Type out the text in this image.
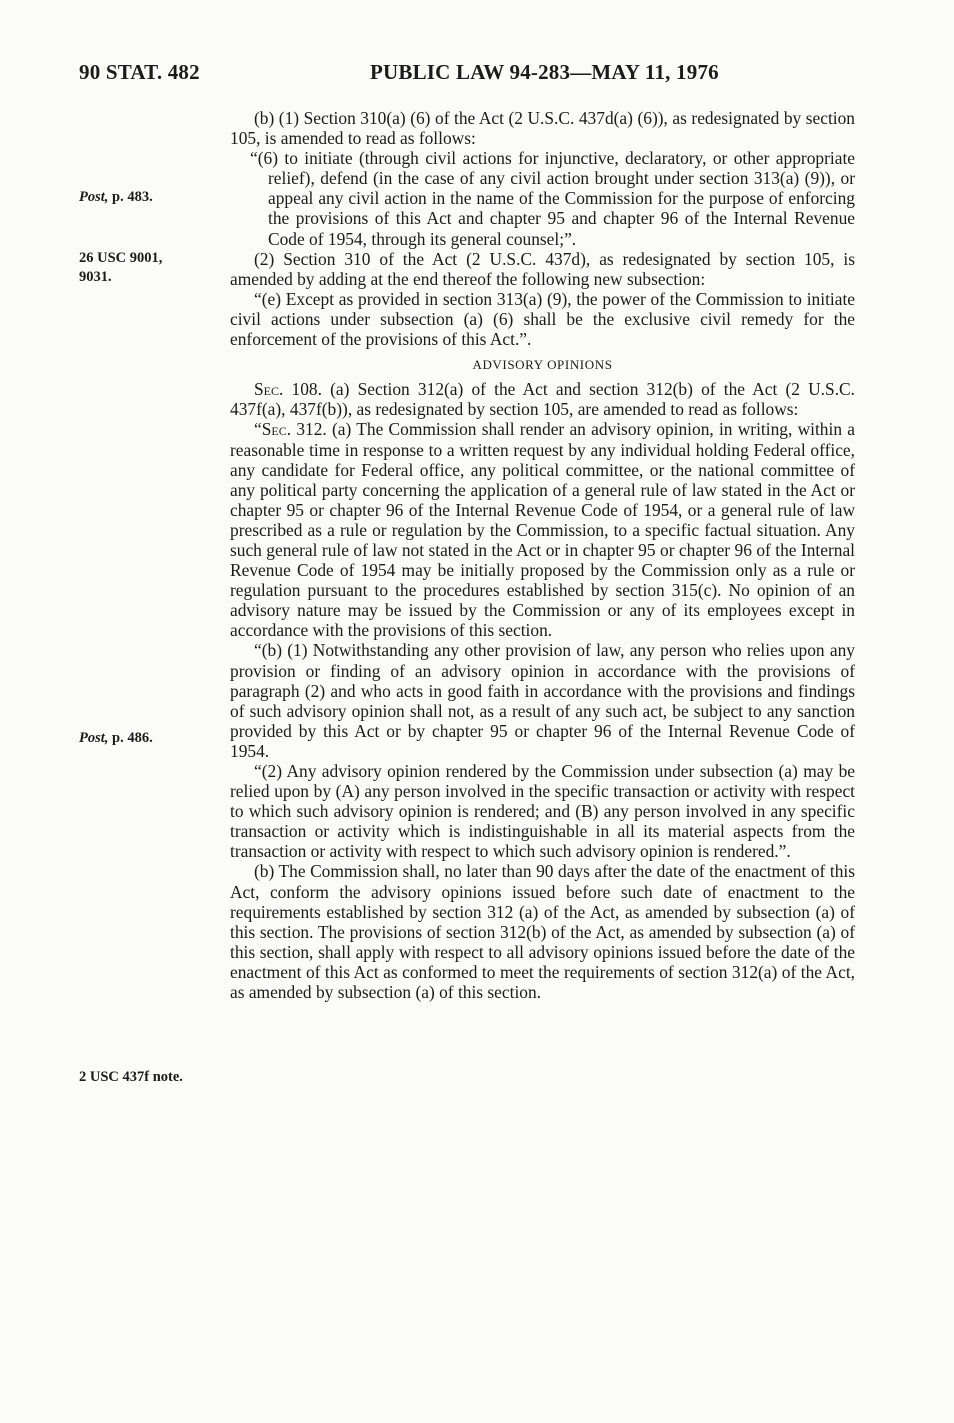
90 STAT. 482	PUBLIC LAW 94-283—MAY 11, 1976
Post, p. 483.
26 USC 9001,
9031.
Post, p. 486.
2 USC 437f note.

(b) (1) Section 310(a) (6) of the Act (2 U.S.C. 437d(a) (6)), as redesignated by section 105, is amended to read as follows:

“(6) to initiate (through civil actions for injunctive, declaratory, or other appropriate relief), defend (in the case of any civil action brought under section 313(a) (9)), or appeal any civil action in the name of the Commission for the purpose of enforcing the provisions of this Act and chapter 95 and chapter 96 of the Internal Revenue Code of 1954, through its general counsel;”.

(2) Section 310 of the Act (2 U.S.C. 437d), as redesignated by section 105, is amended by adding at the end thereof the following new subsection:

“(e) Except as provided in section 313(a) (9), the power of the Commission to initiate civil actions under subsection (a) (6) shall be the exclusive civil remedy for the enforcement of the provisions of this Act.”.

ADVISORY OPINIONS

Sec. 108. (a) Section 312(a) of the Act and section 312(b) of the Act (2 U.S.C. 437f(a), 437f(b)), as redesignated by section 105, are amended to read as follows:

“Sec. 312. (a) The Commission shall render an advisory opinion, in writing, within a reasonable time in response to a written request by any individual holding Federal office, any candidate for Federal office, any political committee, or the national committee of any political party concerning the application of a general rule of law stated in the Act or chapter 95 or chapter 96 of the Internal Revenue Code of 1954, or a general rule of law prescribed as a rule or regulation by the Commission, to a specific factual situation. Any such general rule of law not stated in the Act or in chapter 95 or chapter 96 of the Internal Revenue Code of 1954 may be initially proposed by the Commission only as a rule or regulation pursuant to the procedures established by section 315(c). No opinion of an advisory nature may be issued by the Commission or any of its employees except in accordance with the provisions of this section.

“(b) (1) Notwithstanding any other provision of law, any person who relies upon any provision or finding of an advisory opinion in accordance with the provisions of paragraph (2) and who acts in good faith in accordance with the provisions and findings of such advisory opinion shall not, as a result of any such act, be subject to any sanction provided by this Act or by chapter 95 or chapter 96 of the Internal Revenue Code of 1954.

“(2) Any advisory opinion rendered by the Commission under subsection (a) may be relied upon by (A) any person involved in the specific transaction or activity with respect to which such advisory opinion is rendered; and (B) any person involved in any specific transaction or activity which is indistinguishable in all its material aspects from the transaction or activity with respect to which such advisory opinion is rendered.”.

(b) The Commission shall, no later than 90 days after the date of the enactment of this Act, conform the advisory opinions issued before such date of enactment to the requirements established by section 312 (a) of the Act, as amended by subsection (a) of this section. The provisions of section 312(b) of the Act, as amended by subsection (a) of this section, shall apply with respect to all advisory opinions issued before the date of the enactment of this Act as conformed to meet the requirements of section 312(a) of the Act, as amended by subsection (a) of this section.
